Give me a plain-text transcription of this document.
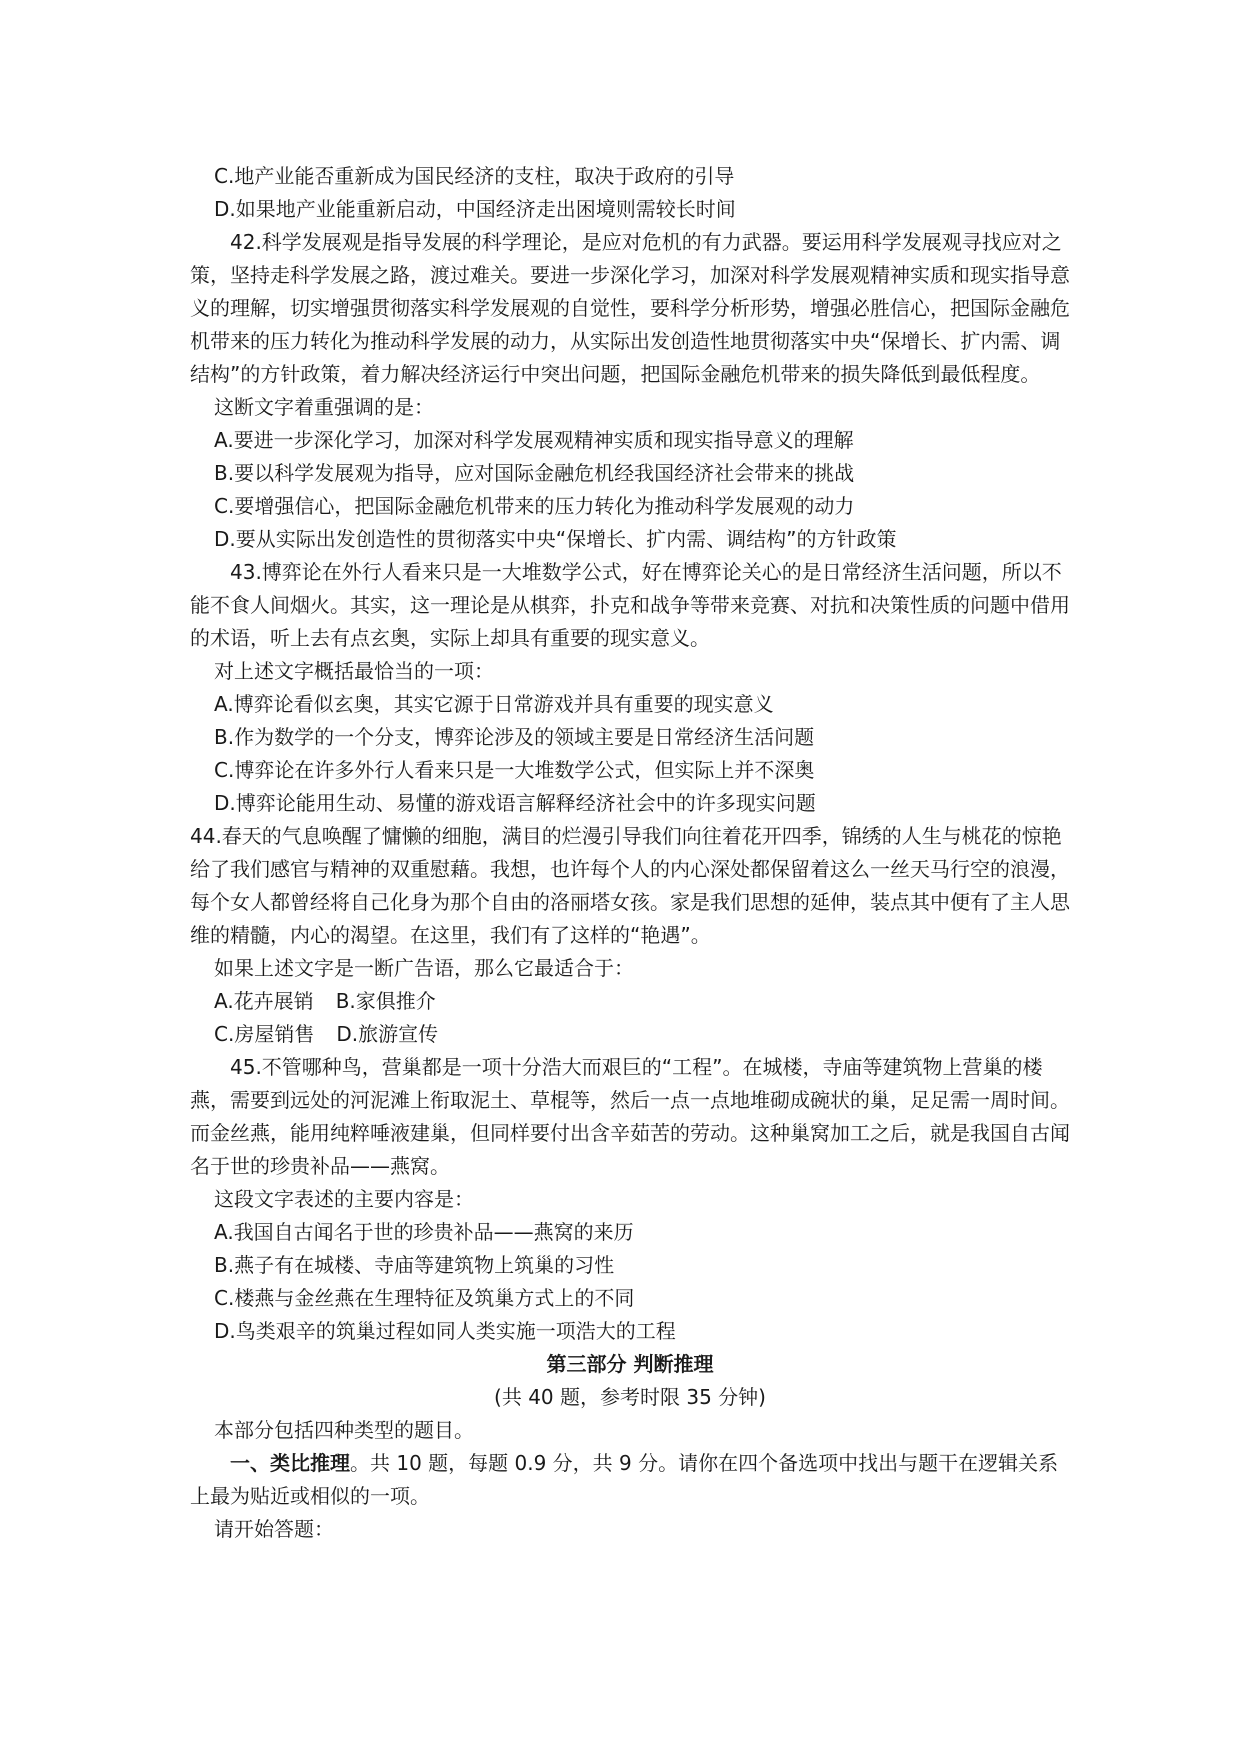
C.地产业能否重新成为国民经济的支柱，取决于政府的引导

D.如果地产业能重新启动，中国经济走出困境则需较长时间

42.科学发展观是指导发展的科学理论，是应对危机的有力武器。要运用科学发展观寻找应对之策，坚持走科学发展之路，渡过难关。要进一步深化学习，加深对科学发展观精神实质和现实指导意义的理解，切实增强贯彻落实科学发展观的自觉性，要科学分析形势，增强必胜信心，把国际金融危机带来的压力转化为推动科学发展的动力，从实际出发创造性地贯彻落实中央“保增长、扩内需、调结构”的方针政策，着力解决经济运行中突出问题，把国际金融危机带来的损失降低到最低程度。

这断文字着重强调的是：

A.要进一步深化学习，加深对科学发展观精神实质和现实指导意义的理解

B.要以科学发展观为指导，应对国际金融危机经我国经济社会带来的挑战

C.要增强信心，把国际金融危机带来的压力转化为推动科学发展观的动力

D.要从实际出发创造性的贯彻落实中央“保增长、扩内需、调结构”的方针政策

43.博弈论在外行人看来只是一大堆数学公式，好在博弈论关心的是日常经济生活问题，所以不能不食人间烟火。其实，这一理论是从棋弈，扑克和战争等带来竞赛、对抗和决策性质的问题中借用的术语，听上去有点玄奥，实际上却具有重要的现实意义。

对上述文字概括最恰当的一项：

A.博弈论看似玄奥，其实它源于日常游戏并具有重要的现实意义

B.作为数学的一个分支，博弈论涉及的领域主要是日常经济生活问题

C.博弈论在许多外行人看来只是一大堆数学公式，但实际上并不深奥

D.博弈论能用生动、易懂的游戏语言解释经济社会中的许多现实问题

44.春天的气息唤醒了慵懒的细胞，满目的烂漫引导我们向往着花开四季，锦绣的人生与桃花的惊艳给了我们感官与精神的双重慰藉。我想，也许每个人的内心深处都保留着这么一丝天马行空的浪漫，每个女人都曾经将自己化身为那个自由的洛丽塔女孩。家是我们思想的延伸，装点其中便有了主人思维的精髓，内心的渴望。在这里，我们有了这样的“艳遇”。

如果上述文字是一断广告语，那么它最适合于：

A.花卉展销 B.家俱推介

C.房屋销售 D.旅游宣传

45.不管哪种鸟，营巢都是一项十分浩大而艰巨的“工程”。在城楼，寺庙等建筑物上营巢的楼燕，需要到远处的河泥滩上衔取泥土、草棍等，然后一点一点地堆砌成碗状的巢，足足需一周时间。而金丝燕，能用纯粹唾液建巢，但同样要付出含辛茹苦的劳动。这种巢窝加工之后，就是我国自古闻名于世的珍贵补品——燕窝。

这段文字表述的主要内容是：

A.我国自古闻名于世的珍贵补品——燕窝的来历

B.燕子有在城楼、寺庙等建筑物上筑巢的习性

C.楼燕与金丝燕在生理特征及筑巢方式上的不同

D.鸟类艰辛的筑巢过程如同人类实施一项浩大的工程

第三部分 判断推理

(共 40 题，参考时限 35 分钟)

本部分包括四种类型的题目。

一、类比推理。共 10 题，每题 0.9 分，共 9 分。请你在四个备选项中找出与题干在逻辑关系上最为贴近或相似的一项。

请开始答题：
